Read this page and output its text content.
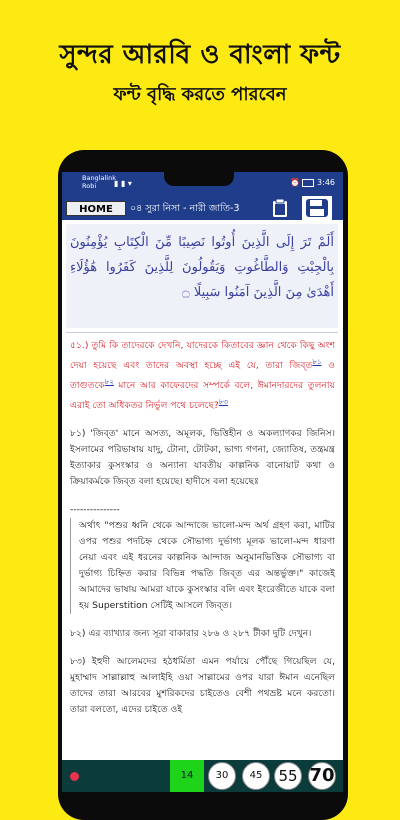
সুন্দর আরবি ও বাংলা ফন্ট
ফন্ট বৃদ্ধি করতে পারবেন
Banglalink
Robi	▮ ▮ ▾	⏰ 3:46
HOME	০৪ সুরা নিসা - নারী জাতি-3
أَلَمْ تَرَ إِلَى الَّذِينَ أُوتُوا نَصِيبًا مِّنَ الْكِتَابِ يُؤْمِنُونَ بِالْجِبْتِ وَالطَّاغُوتِ وَيَقُولُونَ لِلَّذِينَ كَفَرُوا هَٰؤُلَاءِ أَهْدَىٰ مِنَ الَّذِينَ آمَنُوا سَبِيلًا ۝

৫১.) তুমি কি তাদেরকে দেখনি, যাদেরকে কিতাবের জ্ঞান থেকে কিছু অংশ দেয়া হয়েছে এবং তাদের অবস্থা হচ্ছে এই যে, তারা জিব্‌ত$^{৮১}$ ও তাগুতকে$^{৮২}$ মানে আর কাফেরদের সম্পর্কে বলে, ঈমানদারদের তুলনায় এরাই তো অধিকতর নির্ভুল পথে চলেছে?$^{৮৩}$

৮১) 'জিব্‌ত' মানে অসত্য, অমূলক, ভিত্তিহীন ও অকল্যাণকর জিনিস। ইসলামের পরিভাষায় যাদু, টোনা, টোটকা, ভাগ্য গণনা, জ্যোতিষ, তন্ত্রমন্ত্র ইত্যাকার কুসংস্কার ও অন্যান্য যাবতীয় কাল্পনিক বানোয়াট কথা ও ক্রিয়াকর্মকে জিব্‌ত বলা হয়েছে। হাদীসে বলা হয়েছেঃ

---------------

অর্থাৎ "পশুর ধ্বনি থেকে আন্দাজে ভালো-মন্দ অর্থ গ্রহণ করা, মাটির ওপর পশুর পদচিহ্ন থেকে সৌভাগ্য দুর্ভাগ্য মূলক ভালো-মন্দ ধারণা নেয়া এবং এই ধরনের কাল্পনিক আন্দাজ অনুমানভিত্তিক সৌভাগ্য বা দুর্ভাগ্য চিহ্নিত করার বিভিন্ন পদ্ধতি জিব্‌ত এর অন্তর্ভুক্ত।" কাজেই আমাদের ভাষায় আমরা যাকে কুসংস্কার বলি এবং ইংরেজীতে যাকে বলা হয় Superstition সেটিই আসলে জিব্‌ত।

৮২) এর ব্যাখ্যার জন্য সূরা বাকারার ২৮৬ ও ২৮৭ টীকা দুটি দেখুন।

৮৩) ইহুদী আলেমদের হঠধর্মিতা এমন পর্যায়ে পৌঁছে গিয়েছিল যে, মুহাম্মাদ সাল্লাল্লাহু আলাইহি ওয়া সাল্লামের ওপর যারা ঈমান এনেছিল তাদের তারা আরবের মুশরিকদের চাইতেও বেশী পথভ্রষ্ট মনে করতো। তারা বলতো, এদের চাইতে ওই

14	30	45	55 70
